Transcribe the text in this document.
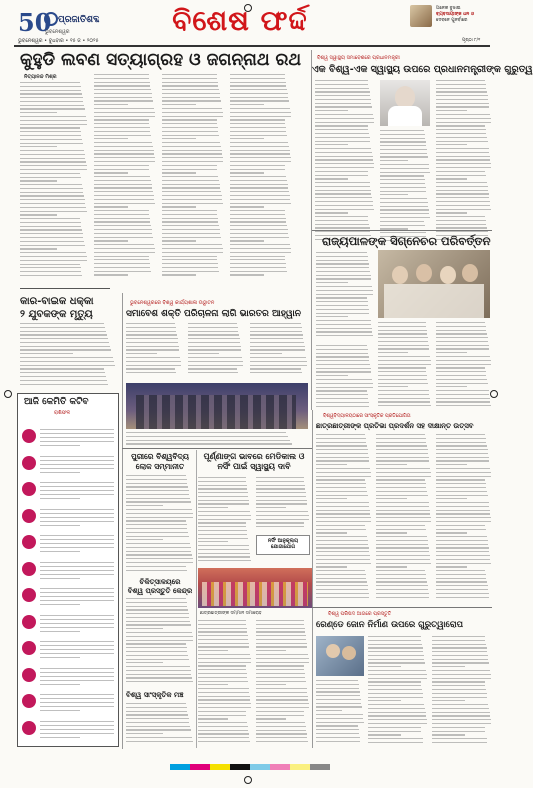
50 ପ୍ରଜାତିଶବ୍ଦ
ଭୁବନେଶ୍ୱର
ଭୁବନେଶ୍ୱର • ବୁଧବାର • ୧୫ ଜ • ୨୦୨୫
ବିଶେଷ ଫର୍ଦ୍ଦ	ଅନେକ ବୁଝାଇ
ବ୍ୟବସାୟୀଙ୍କ ଧନ ଓ
ଦେବନେ ପୁନର୍ବାରେ
ପୃଷ୍ଠା ୮/୧
କୁହୁଡି ଲବଣ ସତ୍ୟାଗ୍ରହ ଓ ଜଗନ୍ନାଥ ରଥ
ନିତ୍ୟାନନ୍ଦ ମିଶ୍ର
ବିଶ୍ୱ ସ୍ୱାସ୍ଥ୍ୟ ସମାବେଶରେ ପ୍ରଧାନମନ୍ତ୍ରୀ
ଏକ ବିଶ୍ୱ-ଏକ ସ୍ୱାସ୍ଥ୍ୟ ଉପରେ ପ୍ରଧାନମନ୍ତ୍ରୀଙ୍କ ଗୁରୁତ୍ୱ
ରାଜ୍ୟପାଳଙ୍କ ସିଗ୍ନେଚର ପରିବର୍ତ୍ତନ
କାର-ବାଇକ ଧକ୍କା
୨ ଯୁବକଙ୍କ ମୃତ୍ୟୁ
ଭୁବନେଶ୍ୱରରେ ବିଶ୍ୱ କାର୍ଯ୍ୟଶାଳା ଉଦ୍ଘାଟନ
ସମାବେଶ ଶକ୍ତି ପରିଚାଳନା ଲାଗି ଭାରତର ଆହ୍ୱାନ
ଆଜି କେମିତି କଟିବ
ରାଶିଫଳ
ପୁରୀରେ ବିଶ୍ୱବିଦ୍ୟ
ଲୋକ ସମ୍ମାନୀତ
ଚିକିତ୍ସାଳୟରେ
ବିଶ୍ୱ ପ୍ରସ୍ତୁତି କେନ୍ଦ୍ର
ବିଶ୍ୱ ସାଂସ୍କୃତିକ ମଞ୍ଚ
ପୂର୍ଣ୍ଣାଙ୍ଗ ଭାବରେ ମେଡିକାଲ ଓ
ନର୍ସିଂ ପାଇଁ ସ୍ୱାସ୍ଥ୍ୟ ଦାବି
ନର୍ସିଂ ଆନୁକୂଲ୍ୟ
ଯୋଗାଯୋଗ
ଛାତ୍ରଛାତ୍ରୀଙ୍କ ସମ୍ମାନ ସମାରୋହ
ବିଶ୍ୱବିଦ୍ୟାଳୟଠାରେ ସାଂସ୍କୃତିକ ପ୍ରତିଯୋଗିତା
ଛାତ୍ରଛାତ୍ରୀଙ୍କ ପ୍ରତିଭା ପ୍ରଦର୍ଶନ ସହ ଦୀକ୍ଷାନ୍ତ ଉତ୍ସବ
ବିଶ୍ୱ ପରିଷଦ ଆଗରେ ପ୍ରସ୍ତୁତି
ରେଣ୍ଡେ ଜୋନ ନିର୍ମାଣ ଉପରେ ଗୁରୁତ୍ୱାରୋପ
